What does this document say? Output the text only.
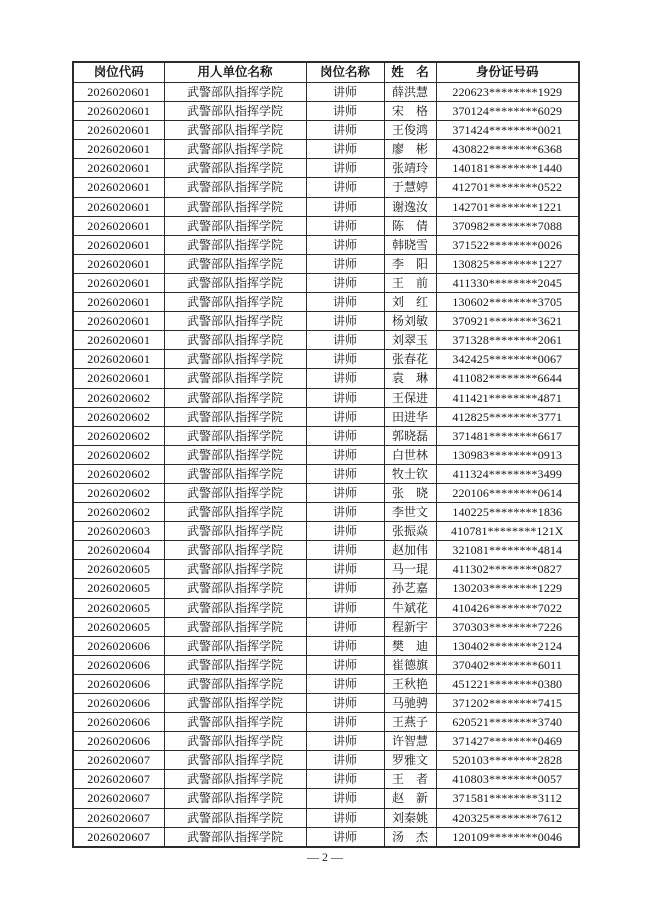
岗位代码	用人单位名称	岗位名称	姓　名	身份证号码
2026020601	武警部队指挥学院	讲师	薛洪慧	220623********1929
2026020601	武警部队指挥学院	讲师	宋　格	370124********6029
2026020601	武警部队指挥学院	讲师	王俊鸿	371424********0021
2026020601	武警部队指挥学院	讲师	廖　彬	430822********6368
2026020601	武警部队指挥学院	讲师	张靖玲	140181********1440
2026020601	武警部队指挥学院	讲师	于慧婷	412701********0522
2026020601	武警部队指挥学院	讲师	谢逸汝	142701********1221
2026020601	武警部队指挥学院	讲师	陈　倩	370982********7088
2026020601	武警部队指挥学院	讲师	韩晓雪	371522********0026
2026020601	武警部队指挥学院	讲师	李　阳	130825********1227
2026020601	武警部队指挥学院	讲师	王　前	411330********2045
2026020601	武警部队指挥学院	讲师	刘　红	130602********3705
2026020601	武警部队指挥学院	讲师	杨刘敏	370921********3621
2026020601	武警部队指挥学院	讲师	刘翠玉	371328********2061
2026020601	武警部队指挥学院	讲师	张春花	342425********0067
2026020601	武警部队指挥学院	讲师	袁　琳	411082********6644
2026020602	武警部队指挥学院	讲师	王保进	411421********4871
2026020602	武警部队指挥学院	讲师	田进华	412825********3771
2026020602	武警部队指挥学院	讲师	郭晓磊	371481********6617
2026020602	武警部队指挥学院	讲师	白世林	130983********0913
2026020602	武警部队指挥学院	讲师	牧士钦	411324********3499
2026020602	武警部队指挥学院	讲师	张　晓	220106********0614
2026020602	武警部队指挥学院	讲师	李世文	140225********1836
2026020603	武警部队指挥学院	讲师	张振焱	410781********121X
2026020604	武警部队指挥学院	讲师	赵加伟	321081********4814
2026020605	武警部队指挥学院	讲师	马一琨	411302********0827
2026020605	武警部队指挥学院	讲师	孙艺嘉	130203********1229
2026020605	武警部队指挥学院	讲师	牛斌花	410426********7022
2026020605	武警部队指挥学院	讲师	程新宇	370303********7226
2026020606	武警部队指挥学院	讲师	樊　迪	130402********2124
2026020606	武警部队指挥学院	讲师	崔德旗	370402********6011
2026020606	武警部队指挥学院	讲师	王秋艳	451221********0380
2026020606	武警部队指挥学院	讲师	马驰骋	371202********7415
2026020606	武警部队指挥学院	讲师	王燕子	620521********3740
2026020606	武警部队指挥学院	讲师	许智慧	371427********0469
2026020607	武警部队指挥学院	讲师	罗雅文	520103********2828
2026020607	武警部队指挥学院	讲师	王　者	410803********0057
2026020607	武警部队指挥学院	讲师	赵　新	371581********3112
2026020607	武警部队指挥学院	讲师	刘秦姚	420325********7612
2026020607	武警部队指挥学院	讲师	汤　杰	120109********0046
— 2 —
